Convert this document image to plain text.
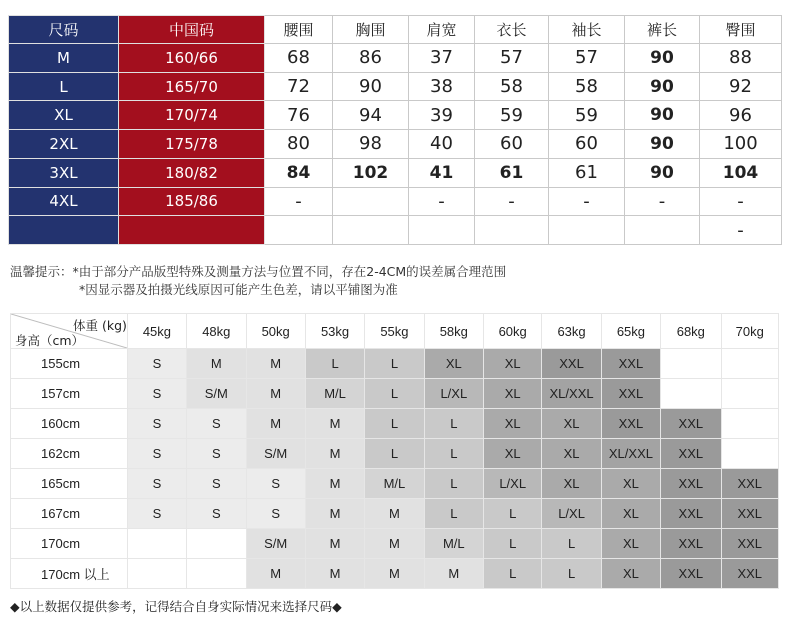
尺码	中国码	腰围	胸围	肩宽	衣长	袖长	裤长	臀围
M	160/66	68	86	37	57	57	90	88
L	165/70	72	90	38	58	58	90	92
XL	170/74	76	94	39	59	59	90	96
2XL	175/78	80	98	40	60	60	90	100
3XL	180/82	84	102	41	61	61	90	104
4XL	185/86	-		-	-	-	-	-
								-
温馨提示：*由于部分产品版型特殊及测量方法与位置不同，存在2-4CM的误差属合理范围
*因显示器及拍摄光线原因可能产生色差，请以平铺图为准
体重 (kg)
身高（cm）	45kg	48kg	50kg	53kg	55kg	58kg	60kg	63kg	65kg	68kg	70kg
155cm	S	M	M	L	L	XL	XL	XXL	XXL		
157cm	S	S/M	M	M/L	L	L/XL	XL	XL/XXL	XXL		
160cm	S	S	M	M	L	L	XL	XL	XXL	XXL	
162cm	S	S	S/M	M	L	L	XL	XL	XL/XXL	XXL	
165cm	S	S	S	M	M/L	L	L/XL	XL	XL	XXL	XXL
167cm	S	S	S	M	M	L	L	L/XL	XL	XXL	XXL
170cm			S/M	M	M	M/L	L	L	XL	XXL	XXL
170cm 以上			M	M	M	M	L	L	XL	XXL	XXL
◆以上数据仅提供参考，记得结合自身实际情况来选择尺码◆
